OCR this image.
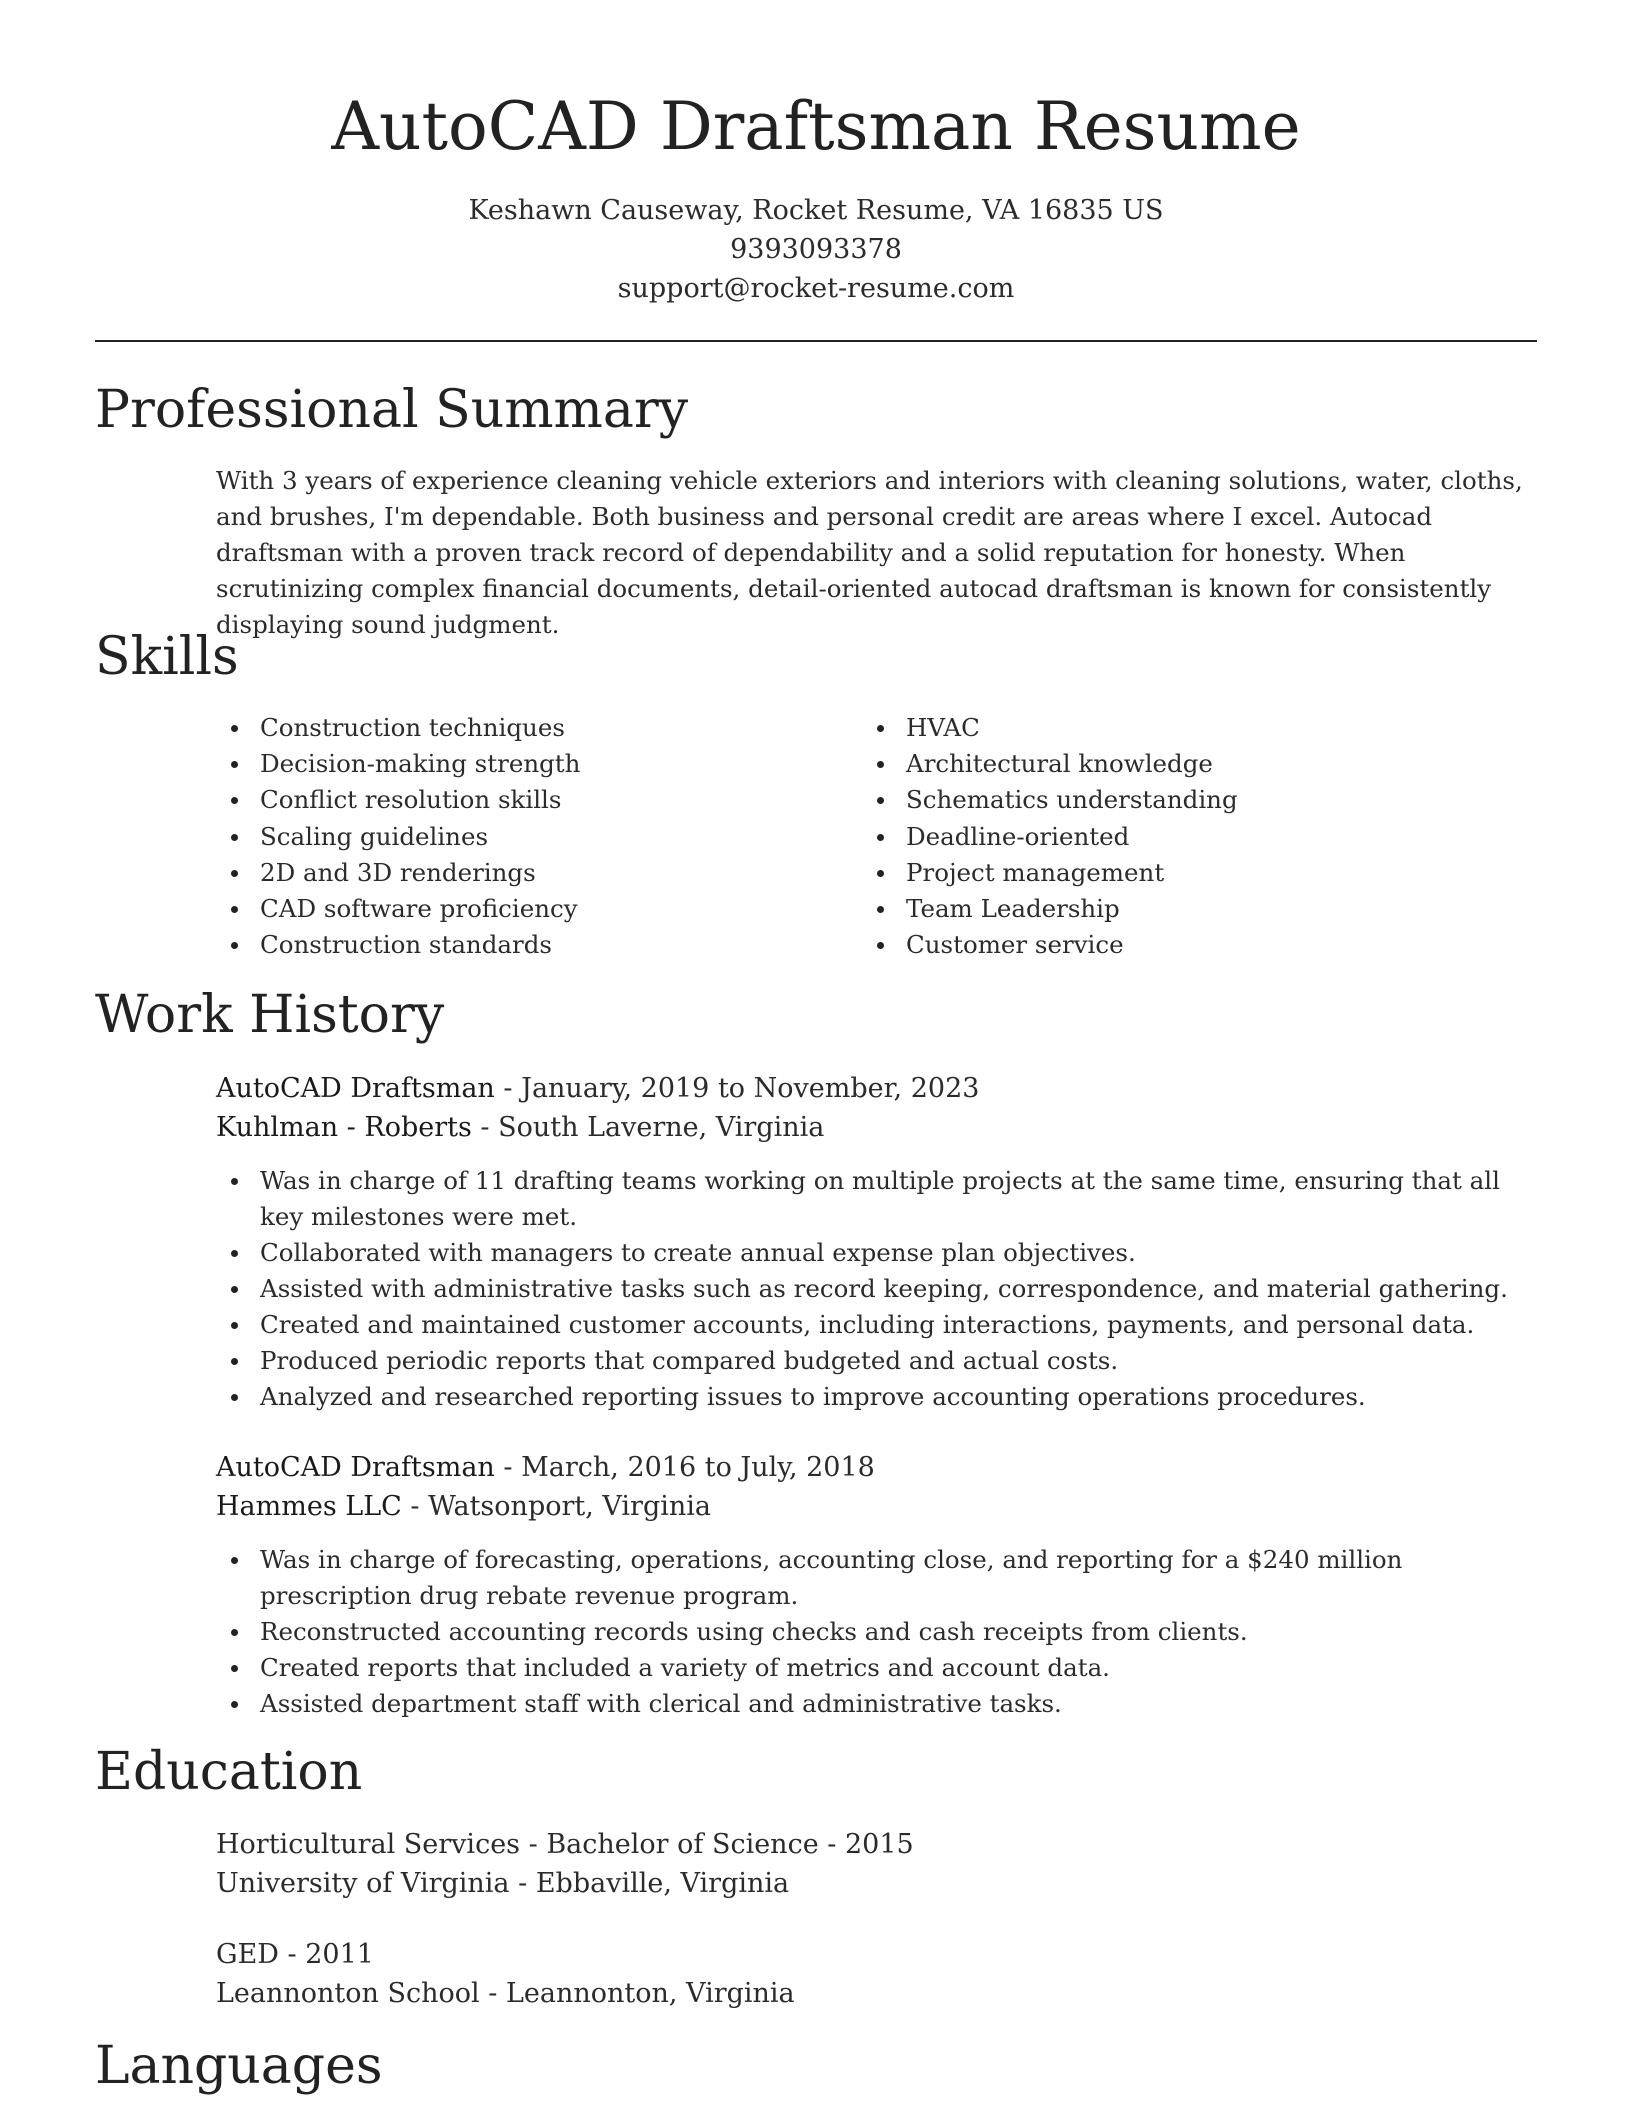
AutoCAD Draftsman Resume
Keshawn Causeway, Rocket Resume, VA 16835 US
9393093378
support@rocket-resume.com
Professional Summary

With 3 years of experience cleaning vehicle exteriors and interiors with cleaning solutions, water, cloths, and brushes, I'm dependable. Both business and personal credit are areas where I excel. Autocad draftsman with a proven track record of dependability and a solid reputation for honesty. When scrutinizing complex financial documents, detail-oriented autocad draftsman is known for consistently displaying sound judgment.

Skills
Construction techniques
Decision-making strength
Conflict resolution skills
Scaling guidelines
2D and 3D renderings
CAD software proficiency
Construction standards
HVAC
Architectural knowledge
Schematics understanding
Deadline-oriented
Project management
Team Leadership
Customer service
Work History
AutoCAD Draftsman - January, 2019 to November, 2023
Kuhlman - Roberts - South Laverne, Virginia
Was in charge of 11 drafting teams working on multiple projects at the same time, ensuring that all key milestones were met.
Collaborated with managers to create annual expense plan objectives.
Assisted with administrative tasks such as record keeping, correspondence, and material gathering.
Created and maintained customer accounts, including interactions, payments, and personal data.
Produced periodic reports that compared budgeted and actual costs.
Analyzed and researched reporting issues to improve accounting operations procedures.
AutoCAD Draftsman - March, 2016 to July, 2018
Hammes LLC - Watsonport, Virginia
Was in charge of forecasting, operations, accounting close, and reporting for a $240 million prescription drug rebate revenue program.
Reconstructed accounting records using checks and cash receipts from clients.
Created reports that included a variety of metrics and account data.
Assisted department staff with clerical and administrative tasks.
Education
Horticultural Services - Bachelor of Science - 2015
University of Virginia - Ebbaville, Virginia
GED - 2011
Leannonton School - Leannonton, Virginia
Languages
